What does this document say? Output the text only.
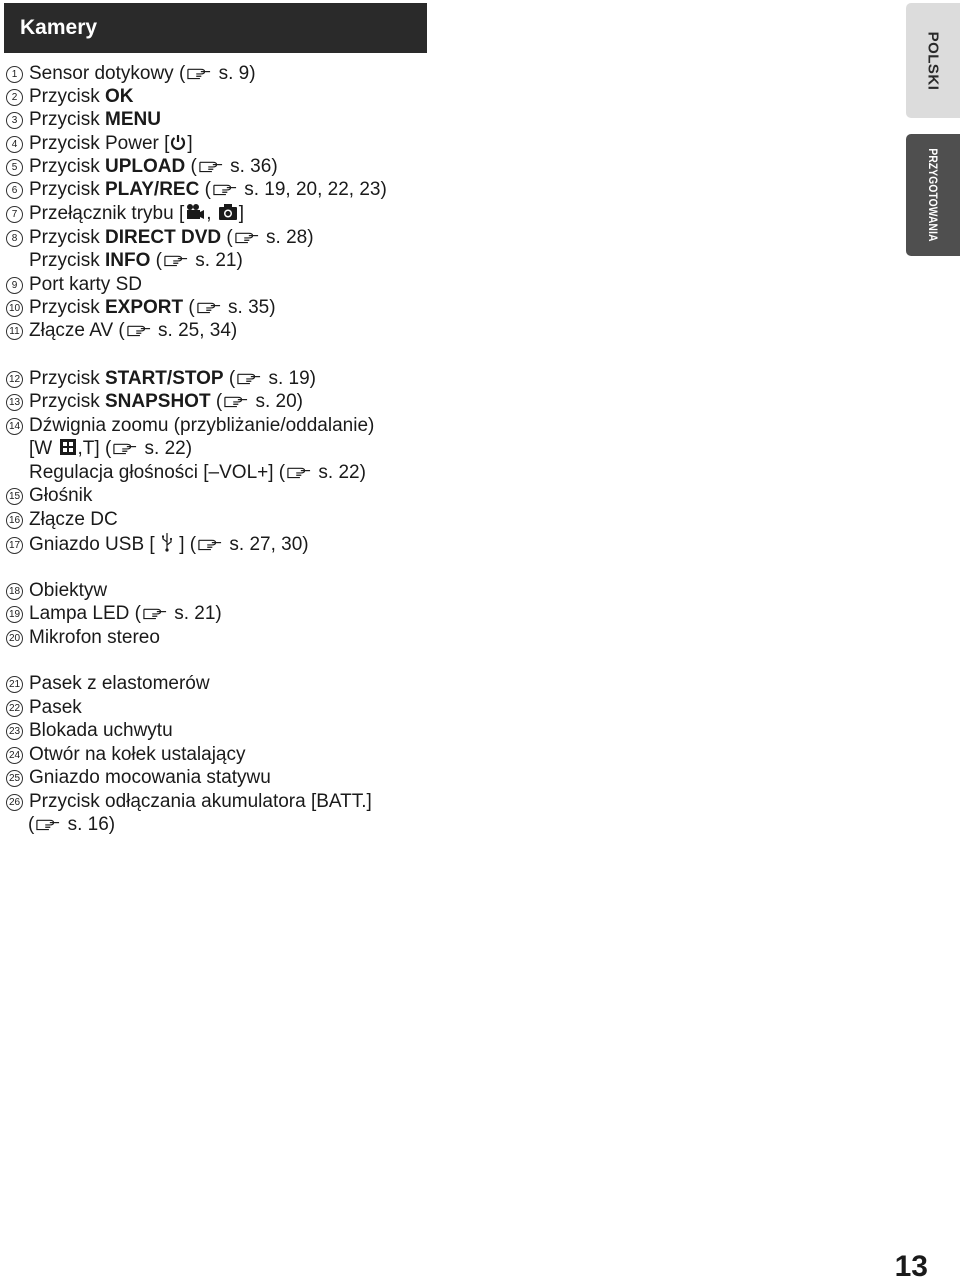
Kamery
POLSKI
PRZYGOTOWANIA
1 Sensor dotykowy ( s. 9)
2 Przycisk OK
3 Przycisk MENU
4 Przycisk Power [ ]
5 Przycisk UPLOAD ( s. 36)
6 Przycisk PLAY/REC ( s. 19, 20, 22, 23)
7 Przełącznik trybu [ , ]
8 Przycisk DIRECT DVD ( s. 28)
Przycisk INFO ( s. 21)
9 Port karty SD
10 Przycisk EXPORT ( s. 35)
11 Złącze AV ( s. 25, 34)
12 Przycisk START/STOP ( s. 19)
13 Przycisk SNAPSHOT ( s. 20)
14 Dźwignia zoomu (przybliżanie/oddalanie)
[W ,T] ( s. 22)
Regulacja głośności [–VOL+] ( s. 22)
15 Głośnik
16 Złącze DC
17 Gniazdo USB [  ] ( s. 27, 30)
18 Obiektyw
19 Lampa LED ( s. 21)
20 Mikrofon stereo
21 Pasek z elastomerów
22 Pasek
23 Blokada uchwytu
24 Otwór na kołek ustalający
25 Gniazdo mocowania statywu
26 Przycisk odłączania akumulatora [BATT.]
( s. 16)
13
